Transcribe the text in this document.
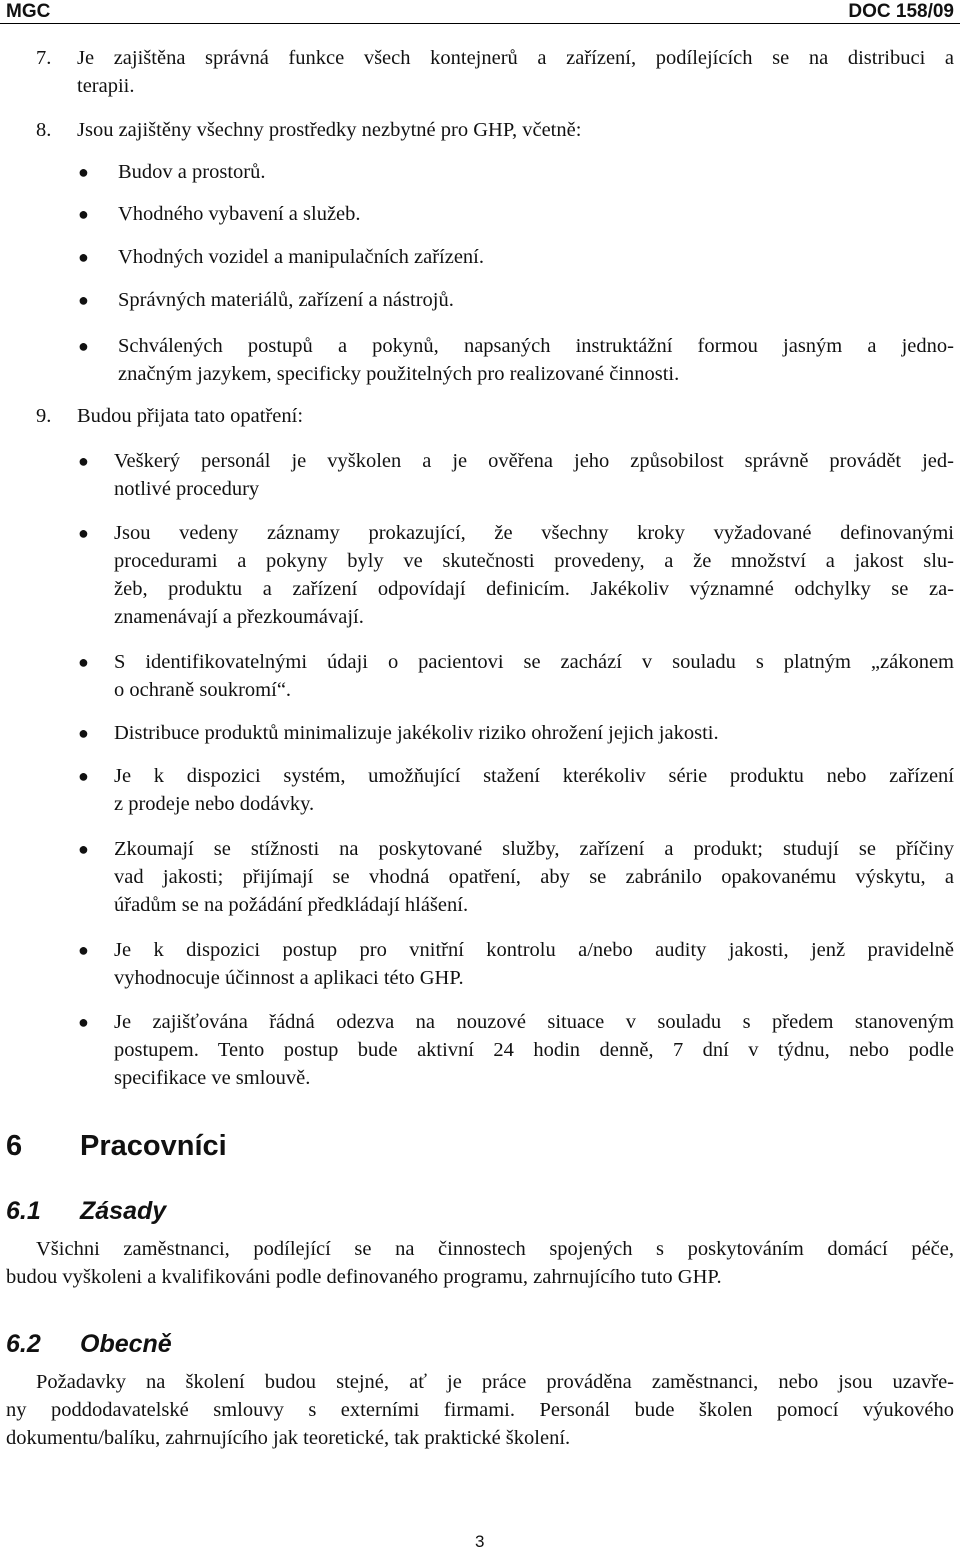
MGC	DOC 158/09
7. Je zajištěna správná funkce všech kontejnerů a zařízení, podílejících se na distribuci a
terapii.
8. Jsou zajištěny všechny prostředky nezbytné pro GHP, včetně:
● Budov a prostorů.
● Vhodného vybavení a služeb.
● Vhodných vozidel a manipulačních zařízení.
● Správných materiálů, zařízení a nástrojů.
● Schválených postupů a pokynů, napsaných instruktážní formou jasným a jedno-
značným jazykem, specificky použitelných pro realizované činnosti.
9. Budou přijata tato opatření:
● Veškerý personál je vyškolen a je ověřena jeho způsobilost správně provádět jed-
notlivé procedury
● Jsou vedeny záznamy prokazující, že všechny kroky vyžadované definovanými
procedurami a pokyny byly ve skutečnosti provedeny, a že množství a jakost slu-
žeb, produktu a zařízení odpovídají definicím. Jakékoliv významné odchylky se za-
znamenávají a přezkoumávají.
● S identifikovatelnými údaji o pacientovi se zachází v souladu s platným „zákonem
o ochraně soukromí“.
● Distribuce produktů minimalizuje jakékoliv riziko ohrožení jejich jakosti.
● Je k dispozici systém, umožňující stažení kterékoliv série produktu nebo zařízení
z prodeje nebo dodávky.
● Zkoumají se stížnosti na poskytované služby, zařízení a produkt; studují se příčiny
vad jakosti; přijímají se vhodná opatření, aby se zabránilo opakovanému výskytu, a
úřadům se na požádání předkládají hlášení.
● Je k dispozici postup pro vnitřní kontrolu a/nebo audity jakosti, jenž pravidelně
vyhodnocuje účinnost a aplikaci této GHP.
● Je zajišťována řádná odezva na nouzové situace v souladu s předem stanoveným
postupem. Tento postup bude aktivní 24 hodin denně, 7 dní v týdnu, nebo podle
specifikace ve smlouvě.
6 Pracovníci
6.1 Zásady
Všichni zaměstnanci, podílející se na činnostech spojených s poskytováním domácí péče,
budou vyškoleni a kvalifikováni podle definovaného programu, zahrnujícího tuto GHP.
6.2 Obecně
Požadavky na školení budou stejné, ať je práce prováděna zaměstnanci, nebo jsou uzavře-
ny poddodavatelské smlouvy s externími firmami. Personál bude školen pomocí výukového
dokumentu/balíku, zahrnujícího jak teoretické, tak praktické školení.
3
